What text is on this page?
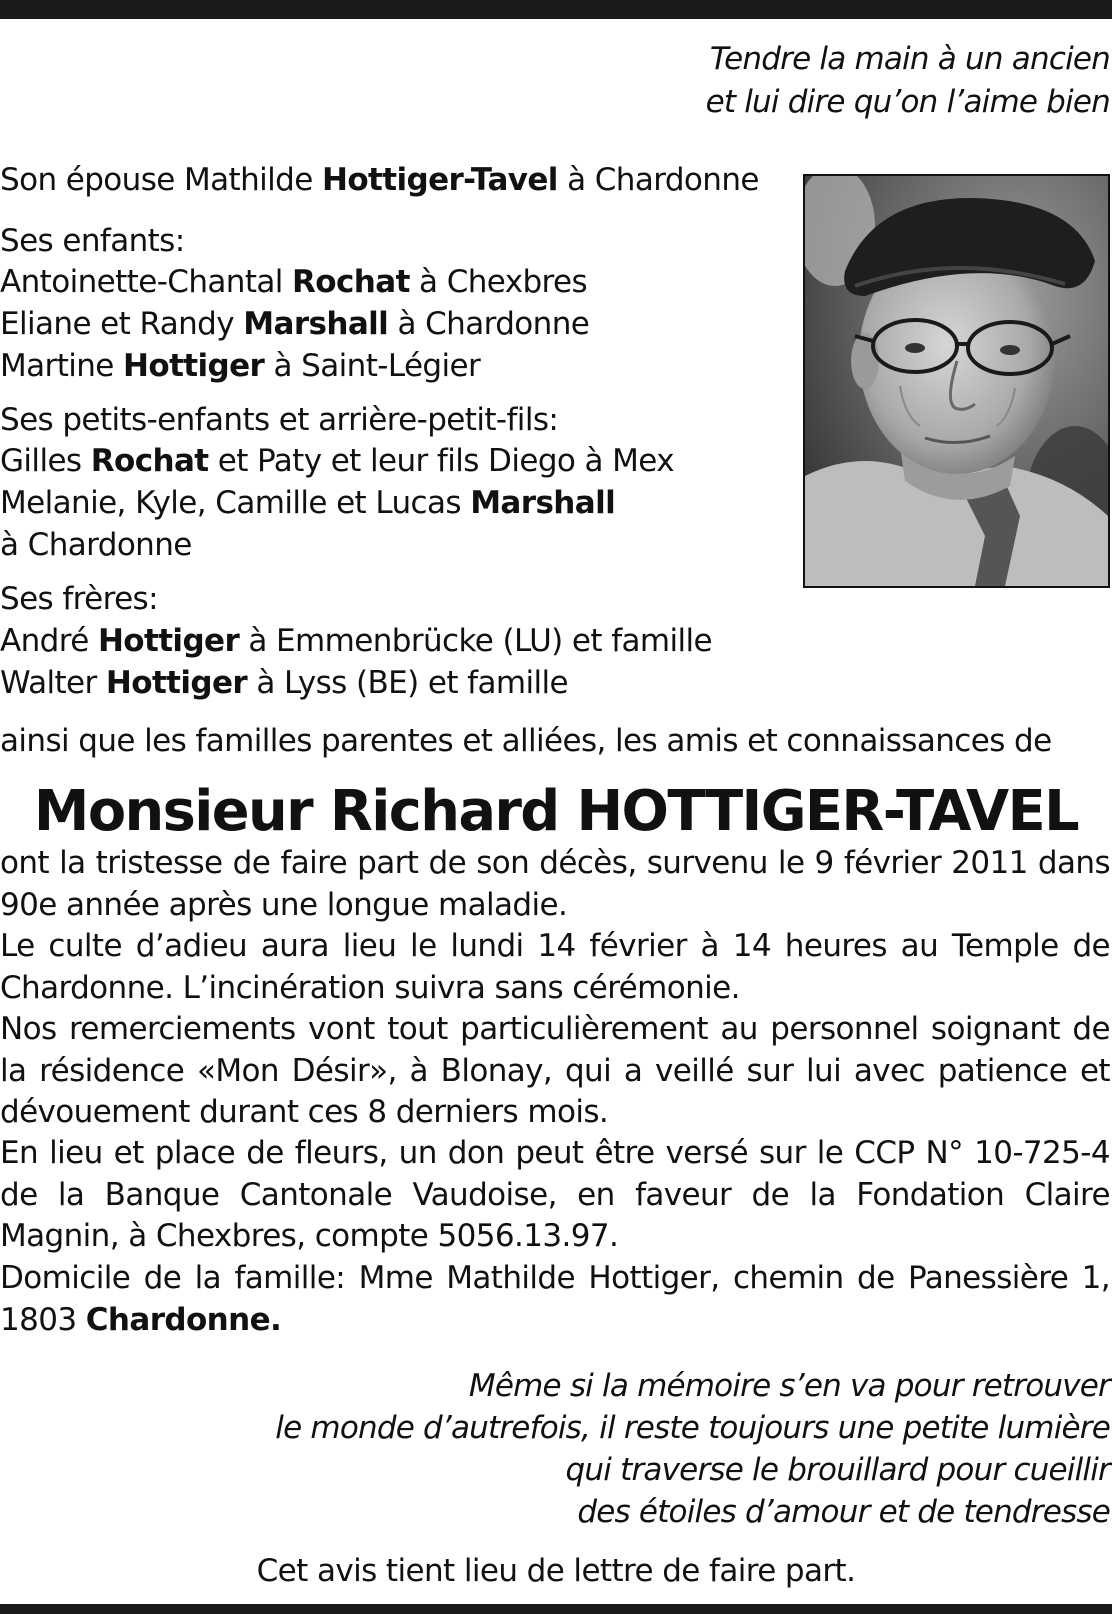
Tendre la main à un ancien
et lui dire qu’on l’aime bien
Son épouse Mathilde Hottiger-Tavel à Chardonne
Ses enfants:
Antoinette-Chantal Rochat à Chexbres
Eliane et Randy Marshall à Chardonne
Martine Hottiger à Saint-Légier
Ses petits-enfants et arrière-petit-fils:
Gilles Rochat et Paty et leur fils Diego à Mex
Melanie, Kyle, Camille et Lucas Marshall
à Chardonne
Ses frères:
André Hottiger à Emmenbrücke (LU) et famille
Walter Hottiger à Lyss (BE) et famille
ainsi que les familles parentes et alliées, les amis et connaissances de
Monsieur Richard HOTTIGER-TAVEL
ont la tristesse de faire part de son décès, survenu le 9 février 2011 dans 90e année après une longue maladie.
Le culte d’adieu aura lieu le lundi 14 février à 14 heures au Temple de Chardonne. L’incinération suivra sans cérémonie.
Nos remerciements vont tout particulièrement au personnel soignant de la résidence «Mon Désir», à Blonay, qui a veillé sur lui avec patience et dévouement durant ces 8 derniers mois.
En lieu et place de fleurs, un don peut être versé sur le CCP N° 10-725-4 de la Banque Cantonale Vaudoise, en faveur de la Fondation Claire Magnin, à Chexbres, compte 5056.13.97.
Domicile de la famille: Mme Mathilde Hottiger, chemin de Panessière 1, 1803 Chardonne.
Même si la mémoire s’en va pour retrouver
le monde d’autrefois, il reste toujours une petite lumière
qui traverse le brouillard pour cueillir
des étoiles d’amour et de tendresse
Cet avis tient lieu de lettre de faire part.
